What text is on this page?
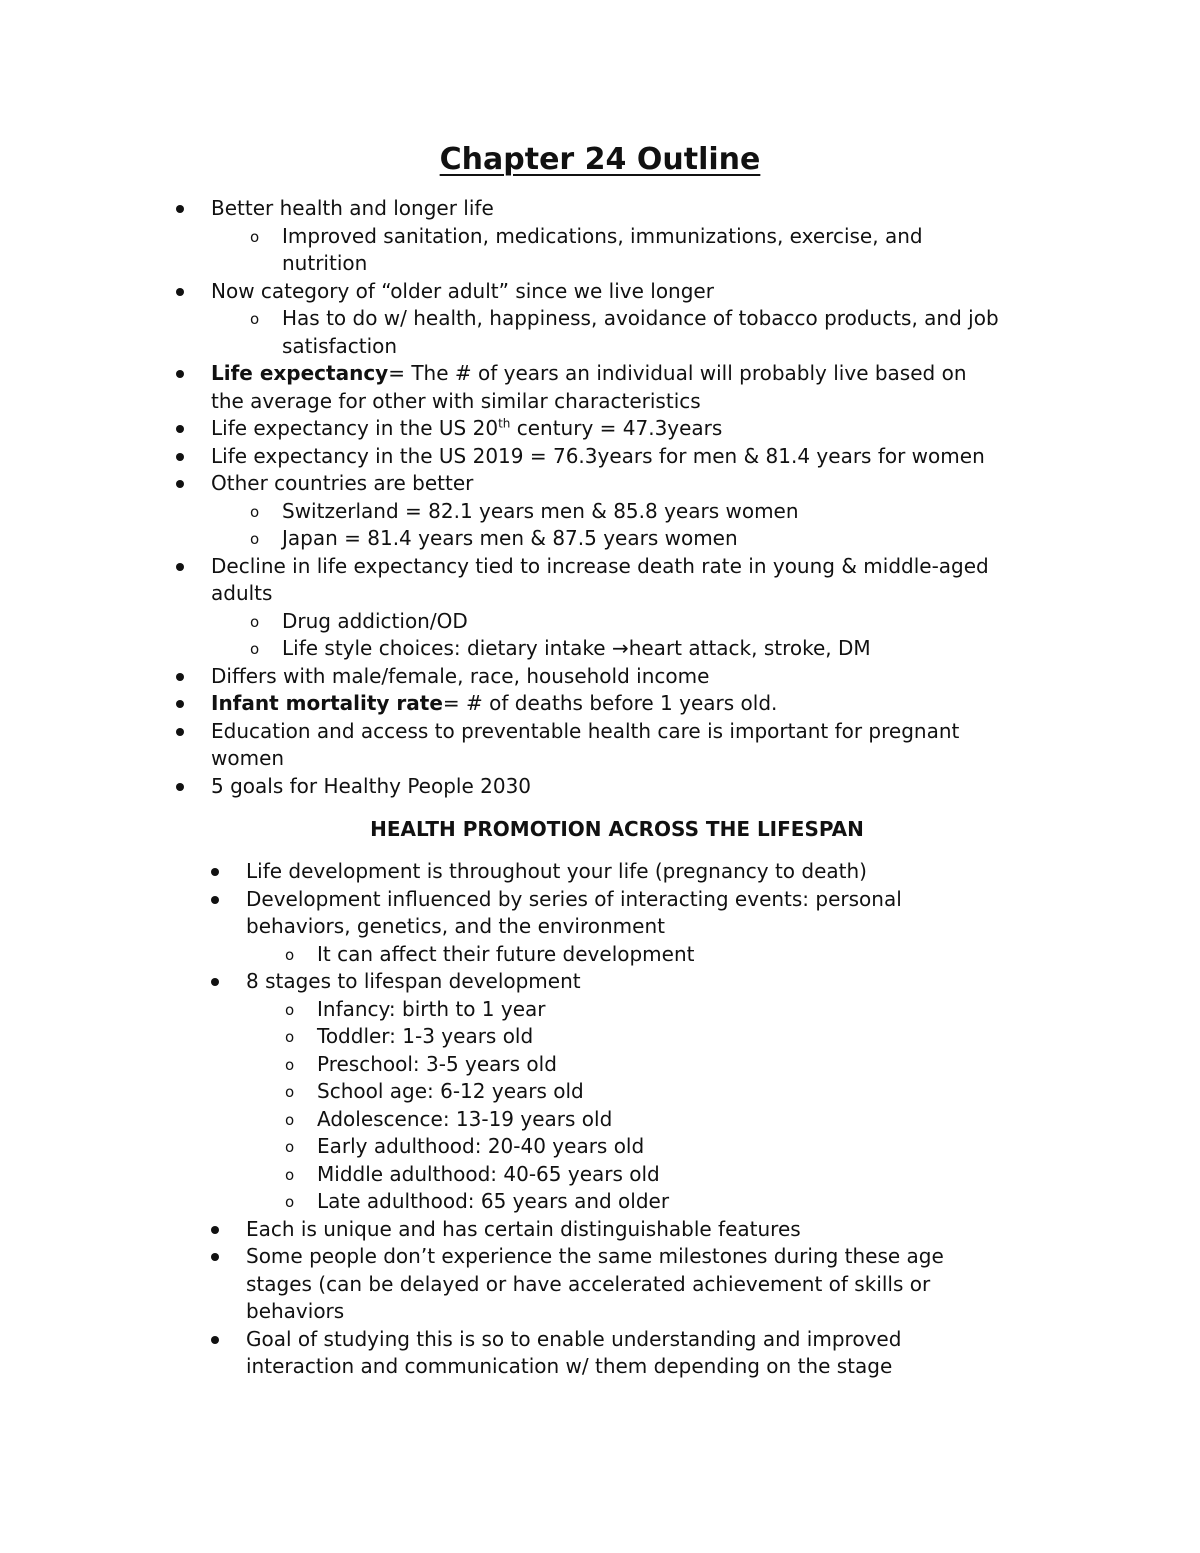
Chapter 24 Outline
Better health and longer life
o Improved sanitation, medications, immunizations, exercise, and
nutrition
Now category of “older adult” since we live longer
o Has to do w/ health, happiness, avoidance of tobacco products, and job
satisfaction
Life expectancy= The # of years an individual will probably live based on
the average for other with similar characteristics
Life expectancy in the US 20th century = 47.3years
Life expectancy in the US 2019 = 76.3years for men & 81.4 years for women
Other countries are better
o Switzerland = 82.1 years men & 85.8 years women
o Japan = 81.4 years men & 87.5 years women
Decline in life expectancy tied to increase death rate in young & middle-aged
adults
o Drug addiction/OD
o Life style choices: dietary intake →heart attack, stroke, DM
Differs with male/female, race, household income
Infant mortality rate= # of deaths before 1 years old.
Education and access to preventable health care is important for pregnant
women
5 goals for Healthy People 2030
HEALTH PROMOTION ACROSS THE LIFESPAN
Life development is throughout your life (pregnancy to death)
Development influenced by series of interacting events: personal
behaviors, genetics, and the environment
o It can affect their future development
8 stages to lifespan development
o Infancy: birth to 1 year
o Toddler: 1-3 years old
o Preschool: 3-5 years old
o School age: 6-12 years old
o Adolescence: 13-19 years old
o Early adulthood: 20-40 years old
o Middle adulthood: 40-65 years old
o Late adulthood: 65 years and older
Each is unique and has certain distinguishable features
Some people don’t experience the same milestones during these age
stages (can be delayed or have accelerated achievement of skills or
behaviors
Goal of studying this is so to enable understanding and improved
interaction and communication w/ them depending on the stage
